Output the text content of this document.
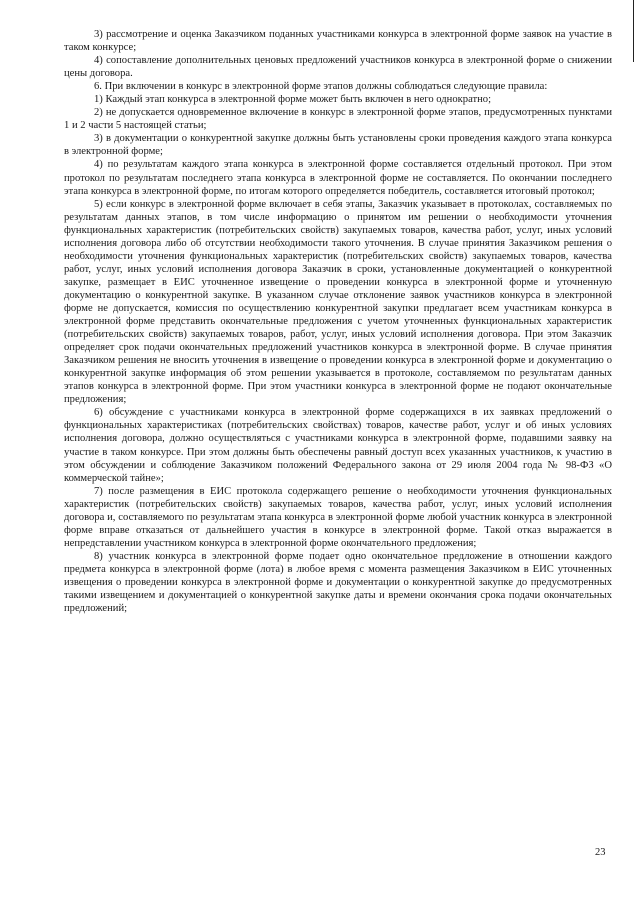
3) рассмотрение и оценка Заказчиком поданных участниками конкурса в электронной форме заявок на участие в таком конкурсе;

4) сопоставление дополнительных ценовых предложений участников конкурса в электронной форме о снижении цены договора.

6. При включении в конкурс в электронной форме этапов должны соблюдаться следующие правила:

1) Каждый этап конкурса в электронной форме может быть включен в него однократно;

2) не допускается одновременное включение в конкурс в электронной форме этапов, предусмотренных пунктами 1 и 2 части 5 настоящей статьи;

3) в документации о конкурентной закупке должны быть установлены сроки проведения каждого этапа конкурса в электронной форме;

4) по результатам каждого этапа конкурса в электронной форме составляется отдельный протокол. При этом протокол по результатам последнего этапа конкурса в электронной форме не составляется. По окончании последнего этапа конкурса в электронной форме, по итогам которого определяется победитель, составляется итоговый протокол;

5) если конкурс в электронной форме включает в себя этапы, Заказчик указывает в протоколах, составляемых по результатам данных этапов, в том числе информацию о принятом им решении о необходимости уточнения функциональных характеристик (потребительских свойств) закупаемых товаров, качества работ, услуг, иных условий исполнения договора либо об отсутствии необходимости такого уточнения. В случае принятия Заказчиком решения о необходимости уточнения функциональных характеристик (потребительских свойств) закупаемых товаров, качества работ, услуг, иных условий исполнения договора Заказчик в сроки, установленные документацией о конкурентной закупке, размещает в ЕИС уточненное извещение о проведении конкурса в электронной форме и уточненную документацию о конкурентной закупке. В указанном случае отклонение заявок участников конкурса в электронной форме не допускается, комиссия по осуществлению конкурентной закупки предлагает всем участникам конкурса в электронной форме представить окончательные предложения с учетом уточненных функциональных характеристик (потребительских свойств) закупаемых товаров, работ, услуг, иных условий исполнения договора. При этом Заказчик определяет срок подачи окончательных предложений участников конкурса в электронной форме. В случае принятия Заказчиком решения не вносить уточнения в извещение о проведении конкурса в электронной форме и документацию о конкурентной закупке информация об этом решении указывается в протоколе, составляемом по результатам данных этапов конкурса в электронной форме. При этом участники конкурса в электронной форме не подают окончательные предложения;

6) обсуждение с участниками конкурса в электронной форме содержащихся в их заявках предложений о функциональных характеристиках (потребительских свойствах) товаров, качестве работ, услуг и об иных условиях исполнения договора, должно осуществляться с участниками конкурса в электронной форме, подавшими заявку на участие в таком конкурсе. При этом должны быть обеспечены равный доступ всех указанных участников, к участию в этом обсуждении и соблюдение Заказчиком положений Федерального закона от 29 июля 2004 года № 98-ФЗ «О коммерческой тайне»;

7) после размещения в ЕИС протокола содержащего решение о необходимости уточнения функциональных характеристик (потребительских свойств) закупаемых товаров, качества работ, услуг, иных условий исполнения договора и, составляемого по результатам этапа конкурса в электронной форме любой участник конкурса в электронной форме вправе отказаться от дальнейшего участия в конкурсе в электронной форме. Такой отказ выражается в непредставлении участником конкурса в электронной форме окончательного предложения;

8) участник конкурса в электронной форме подает одно окончательное предложение в отношении каждого предмета конкурса в электронной форме (лота) в любое время с момента размещения Заказчиком в ЕИС уточненных извещения о проведении конкурса в электронной форме и документации о конкурентной закупке до предусмотренных такими извещением и документацией о конкурентной закупке даты и времени окончания срока подачи окончательных предложений;

23
